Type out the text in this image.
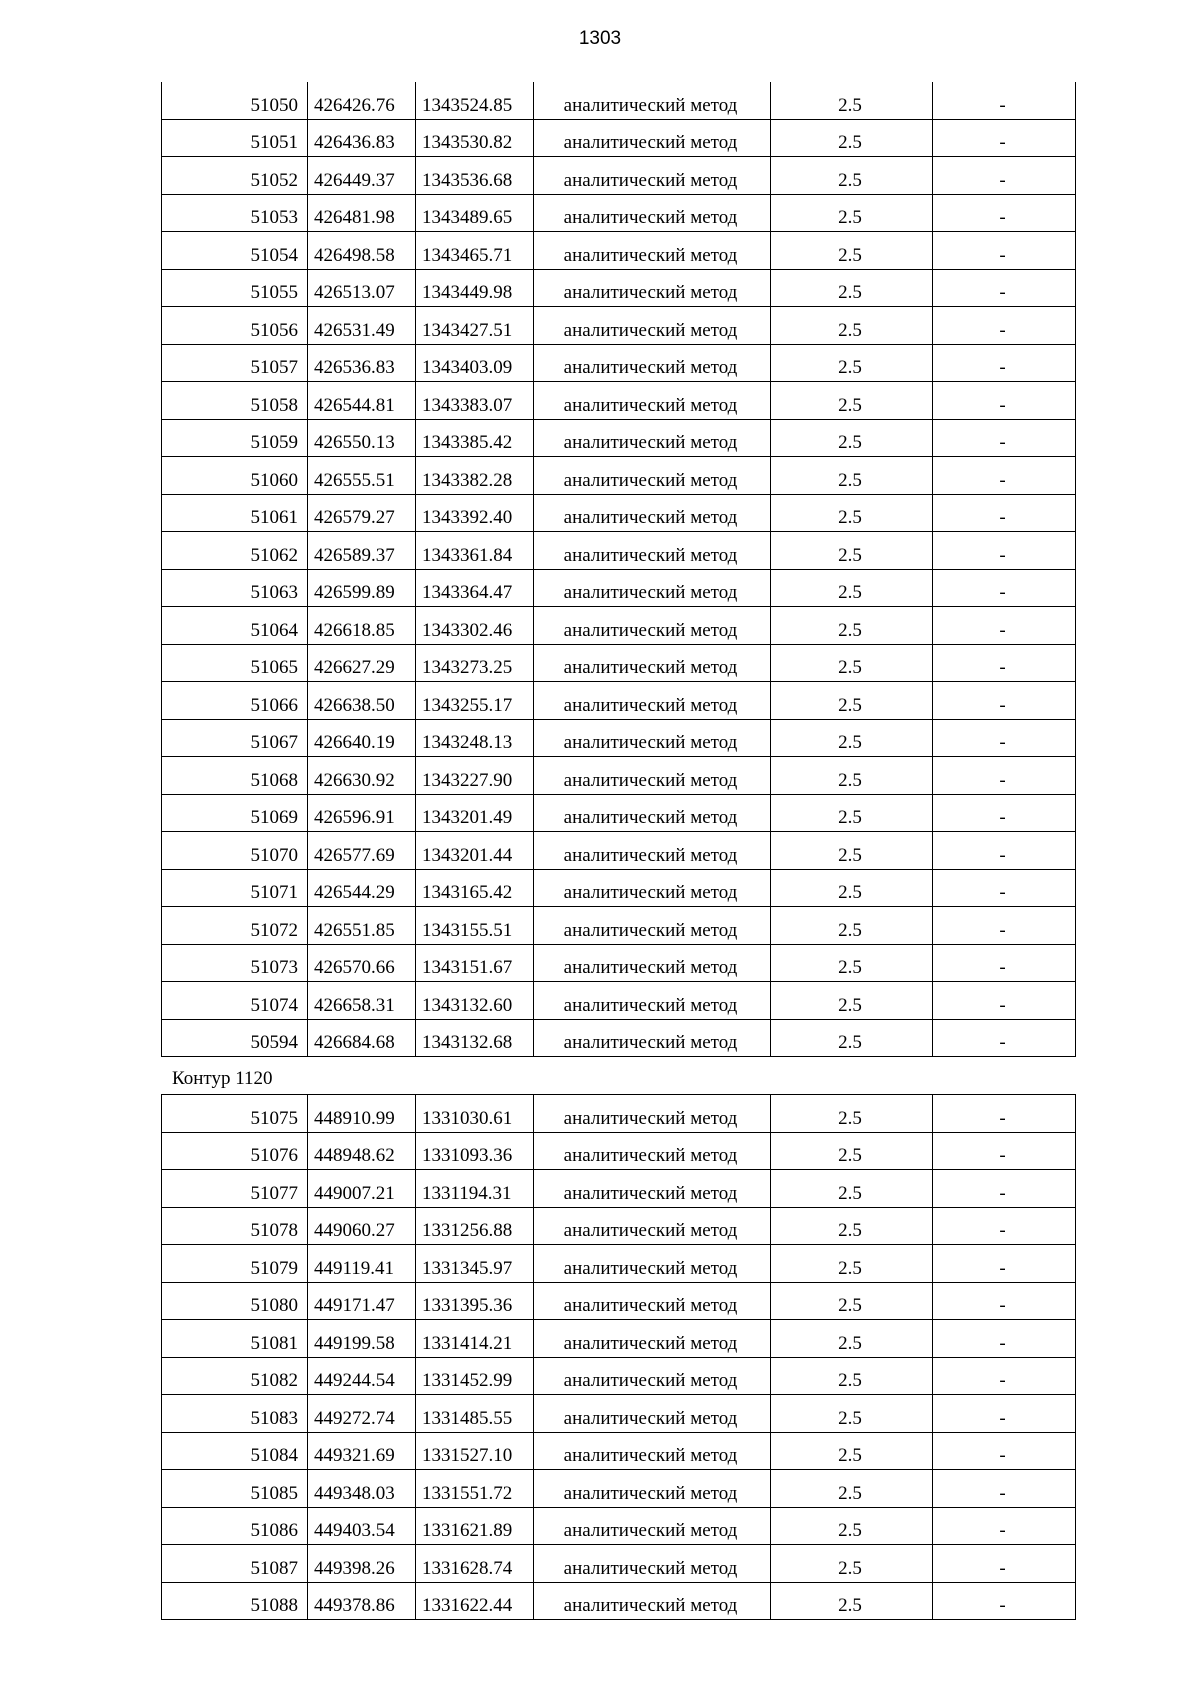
1303
51050	426426.76	1343524.85	аналитический метод	2.5	-
51051	426436.83	1343530.82	аналитический метод	2.5	-
51052	426449.37	1343536.68	аналитический метод	2.5	-
51053	426481.98	1343489.65	аналитический метод	2.5	-
51054	426498.58	1343465.71	аналитический метод	2.5	-
51055	426513.07	1343449.98	аналитический метод	2.5	-
51056	426531.49	1343427.51	аналитический метод	2.5	-
51057	426536.83	1343403.09	аналитический метод	2.5	-
51058	426544.81	1343383.07	аналитический метод	2.5	-
51059	426550.13	1343385.42	аналитический метод	2.5	-
51060	426555.51	1343382.28	аналитический метод	2.5	-
51061	426579.27	1343392.40	аналитический метод	2.5	-
51062	426589.37	1343361.84	аналитический метод	2.5	-
51063	426599.89	1343364.47	аналитический метод	2.5	-
51064	426618.85	1343302.46	аналитический метод	2.5	-
51065	426627.29	1343273.25	аналитический метод	2.5	-
51066	426638.50	1343255.17	аналитический метод	2.5	-
51067	426640.19	1343248.13	аналитический метод	2.5	-
51068	426630.92	1343227.90	аналитический метод	2.5	-
51069	426596.91	1343201.49	аналитический метод	2.5	-
51070	426577.69	1343201.44	аналитический метод	2.5	-
51071	426544.29	1343165.42	аналитический метод	2.5	-
51072	426551.85	1343155.51	аналитический метод	2.5	-
51073	426570.66	1343151.67	аналитический метод	2.5	-
51074	426658.31	1343132.60	аналитический метод	2.5	-
50594	426684.68	1343132.68	аналитический метод	2.5	-
Контур 1120
51075	448910.99	1331030.61	аналитический метод	2.5	-
51076	448948.62	1331093.36	аналитический метод	2.5	-
51077	449007.21	1331194.31	аналитический метод	2.5	-
51078	449060.27	1331256.88	аналитический метод	2.5	-
51079	449119.41	1331345.97	аналитический метод	2.5	-
51080	449171.47	1331395.36	аналитический метод	2.5	-
51081	449199.58	1331414.21	аналитический метод	2.5	-
51082	449244.54	1331452.99	аналитический метод	2.5	-
51083	449272.74	1331485.55	аналитический метод	2.5	-
51084	449321.69	1331527.10	аналитический метод	2.5	-
51085	449348.03	1331551.72	аналитический метод	2.5	-
51086	449403.54	1331621.89	аналитический метод	2.5	-
51087	449398.26	1331628.74	аналитический метод	2.5	-
51088	449378.86	1331622.44	аналитический метод	2.5	-
